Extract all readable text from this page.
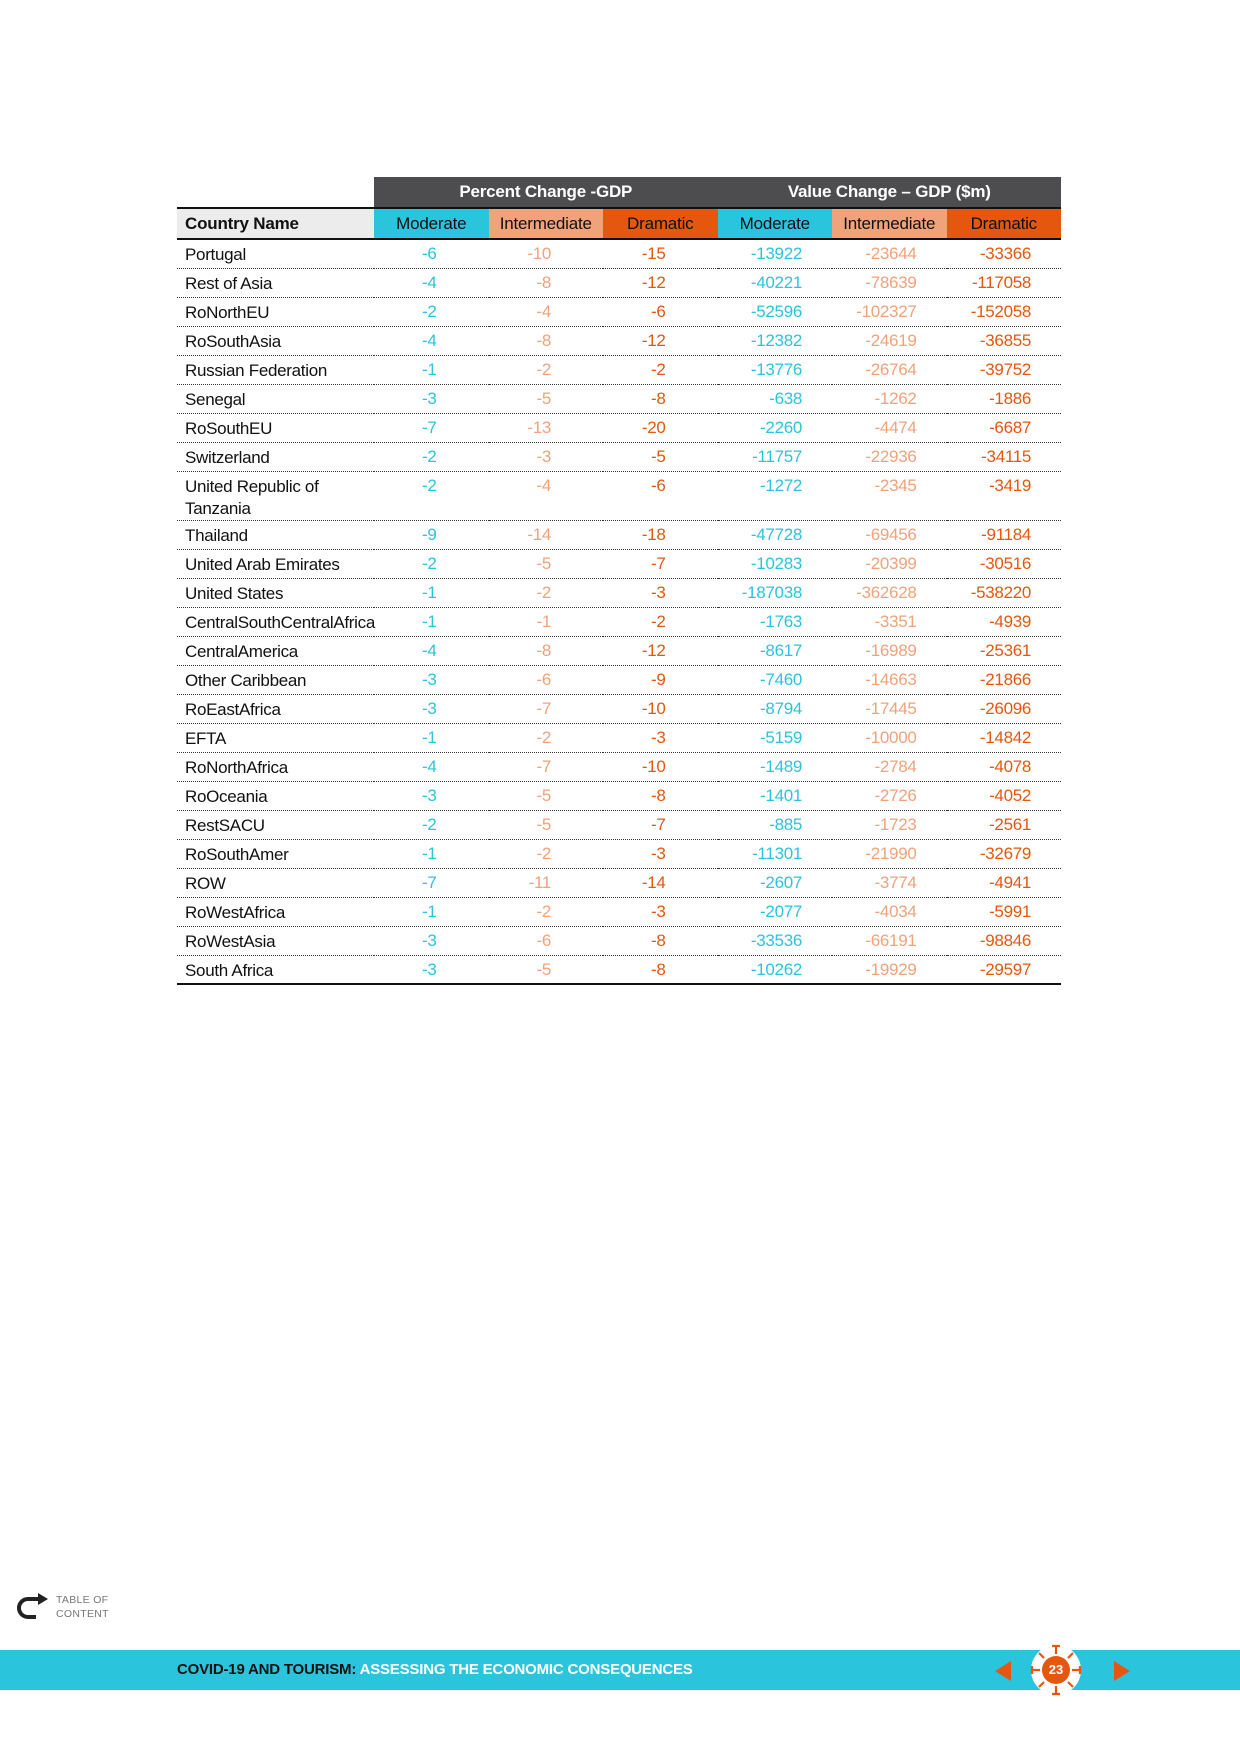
	Percent Change -GDP			Value Change – GDP ($m)		
Country Name	Moderate	Intermediate	Dramatic	Moderate	Intermediate	Dramatic
Portugal	-6	-10	-15	-13922	-23644	-33366
Rest of Asia	-4	-8	-12	-40221	-78639	-117058
RoNorthEU	-2	-4	-6	-52596	-102327	-152058
RoSouthAsia	-4	-8	-12	-12382	-24619	-36855
Russian Federation	-1	-2	-2	-13776	-26764	-39752
Senegal	-3	-5	-8	-638	-1262	-1886
RoSouthEU	-7	-13	-20	-2260	-4474	-6687
Switzerland	-2	-3	-5	-11757	-22936	-34115
United Republic of Tanzania	-2	-4	-6	-1272	-2345	-3419
Thailand	-9	-14	-18	-47728	-69456	-91184
United Arab Emirates	-2	-5	-7	-10283	-20399	-30516
United States	-1	-2	-3	-187038	-362628	-538220
CentralSouthCentralAfrica	-1	-1	-2	-1763	-3351	-4939
CentralAmerica	-4	-8	-12	-8617	-16989	-25361
Other Caribbean	-3	-6	-9	-7460	-14663	-21866
RoEastAfrica	-3	-7	-10	-8794	-17445	-26096
EFTA	-1	-2	-3	-5159	-10000	-14842
RoNorthAfrica	-4	-7	-10	-1489	-2784	-4078
RoOceania	-3	-5	-8	-1401	-2726	-4052
RestSACU	-2	-5	-7	-885	-1723	-2561
RoSouthAmer	-1	-2	-3	-11301	-21990	-32679
ROW	-7	-11	-14	-2607	-3774	-4941
RoWestAfrica	-1	-2	-3	-2077	-4034	-5991
RoWestAsia	-3	-6	-8	-33536	-66191	-98846
South Africa	-3	-5	-8	-10262	-19929	-29597
TABLE OF
CONTENT
COVID-19 AND TOURISM: ASSESSING THE ECONOMIC CONSEQUENCES	23
